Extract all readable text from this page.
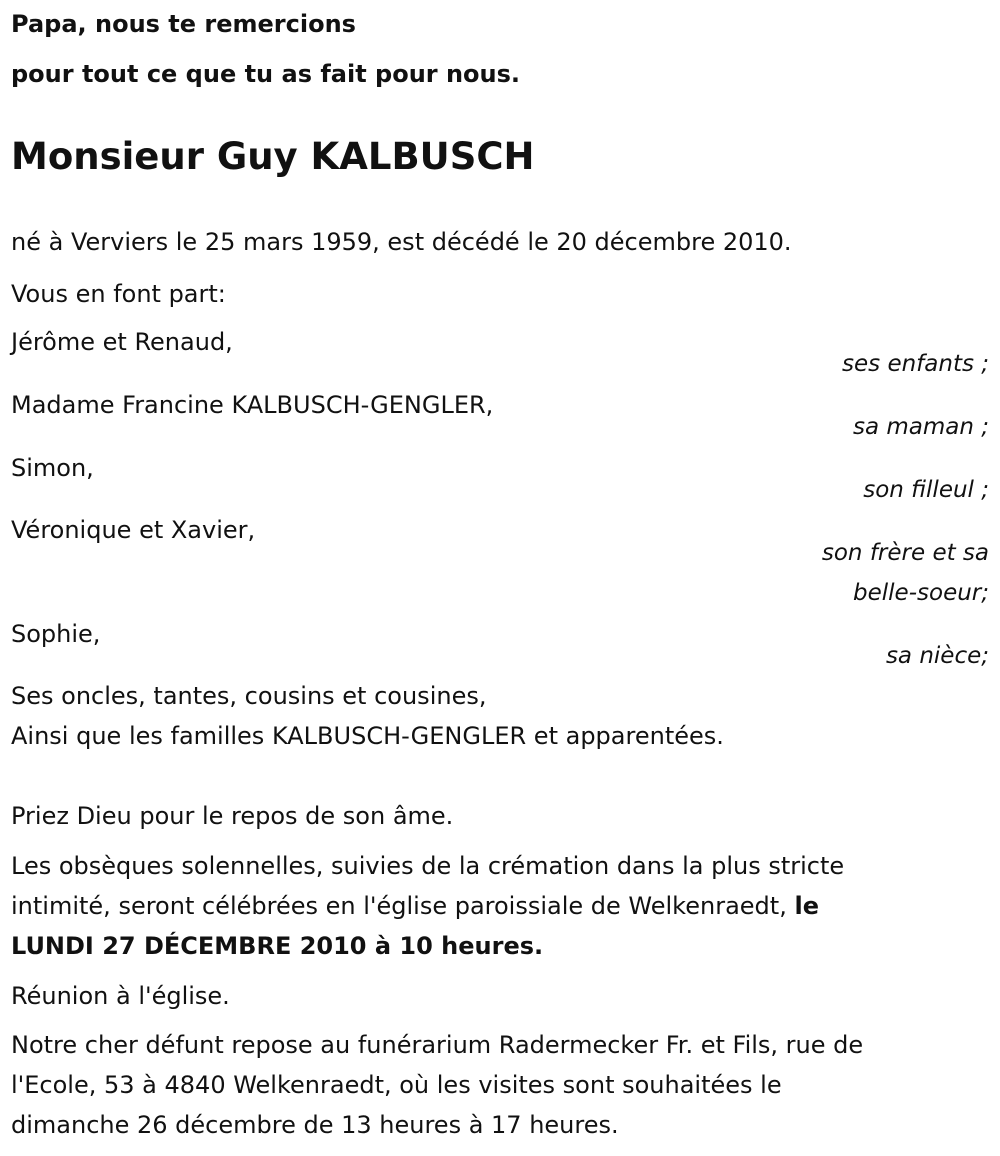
Papa, nous te remercions
pour tout ce que tu as fait pour nous.
Monsieur Guy KALBUSCH
né à Verviers le 25 mars 1959, est décédé le 20 décembre 2010.
Vous en font part:
Jérôme et Renaud,
ses enfants ;
Madame Francine KALBUSCH-GENGLER,
sa maman ;
Simon,
son filleul ;
Véronique et Xavier,
son frère et sa
belle-soeur;
Sophie,
sa nièce;
Ses oncles, tantes, cousins et cousines,
Ainsi que les familles KALBUSCH-GENGLER et apparentées.
Priez Dieu pour le repos de son âme.
Les obsèques solennelles, suivies de la crémation dans la plus stricte
intimité, seront célébrées en l'église paroissiale de Welkenraedt, le
LUNDI 27 DÉCEMBRE 2010 à 10 heures.
Réunion à l'église.
Notre cher défunt repose au funérarium Radermecker Fr. et Fils, rue de
l'Ecole, 53 à 4840 Welkenraedt, où les visites sont souhaitées le
dimanche 26 décembre de 13 heures à 17 heures.
